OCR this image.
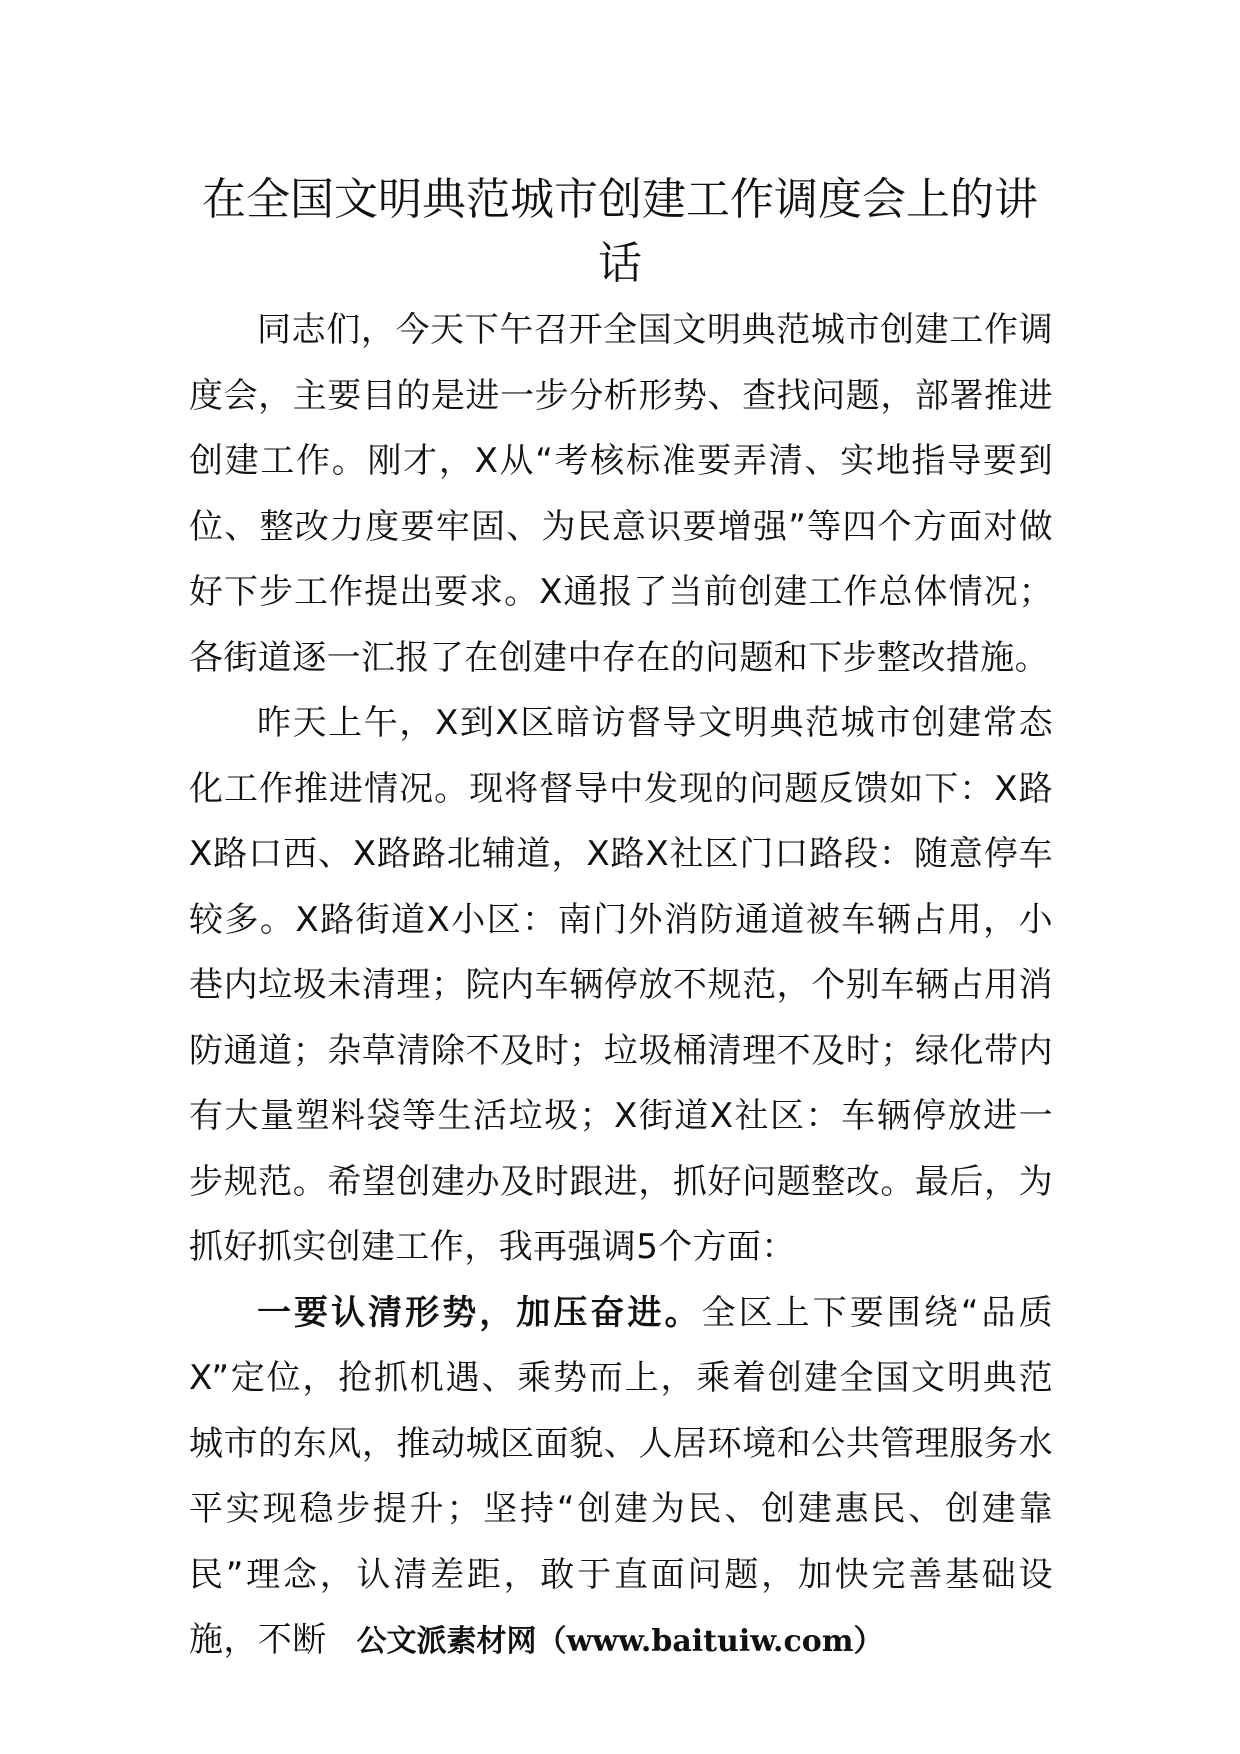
在全国文明典范城市创建工作调度会上的讲话

同志们，今天下午召开全国文明典范城市创建工作调度会，主要目的是进一步分析形势、查找问题，部署推进创建工作。刚才，X从“考核标准要弄清、实地指导要到位、整改力度要牢固、为民意识要增强”等四个方面对做好下步工作提出要求。X通报了当前创建工作总体情况；各街道逐一汇报了在创建中存在的问题和下步整改措施。

昨天上午，X到X区暗访督导文明典范城市创建常态化工作推进情况。现将督导中发现的问题反馈如下：X路X路口西、X路路北辅道，X路X社区门口路段：随意停车较多。X路街道X小区：南门外消防通道被车辆占用，小巷内垃圾未清理；院内车辆停放不规范，个别车辆占用消防通道；杂草清除不及时；垃圾桶清理不及时；绿化带内有大量塑料袋等生活垃圾；X街道X社区：车辆停放进一步规范。希望创建办及时跟进，抓好问题整改。最后，为抓好抓实创建工作，我再强调5个方面：

一要认清形势，加压奋进。全区上下要围绕“品质X”定位，抢抓机遇、乘势而上，乘着创建全国文明典范城市的东风，推动城区面貌、人居环境和公共管理服务水平实现稳步提升；坚持“创建为民、创建惠民、创建靠民”理念，认清差距，敢于直面问题，加快完善基础设施，不断 公文派素材网（www.baituiw.com）
